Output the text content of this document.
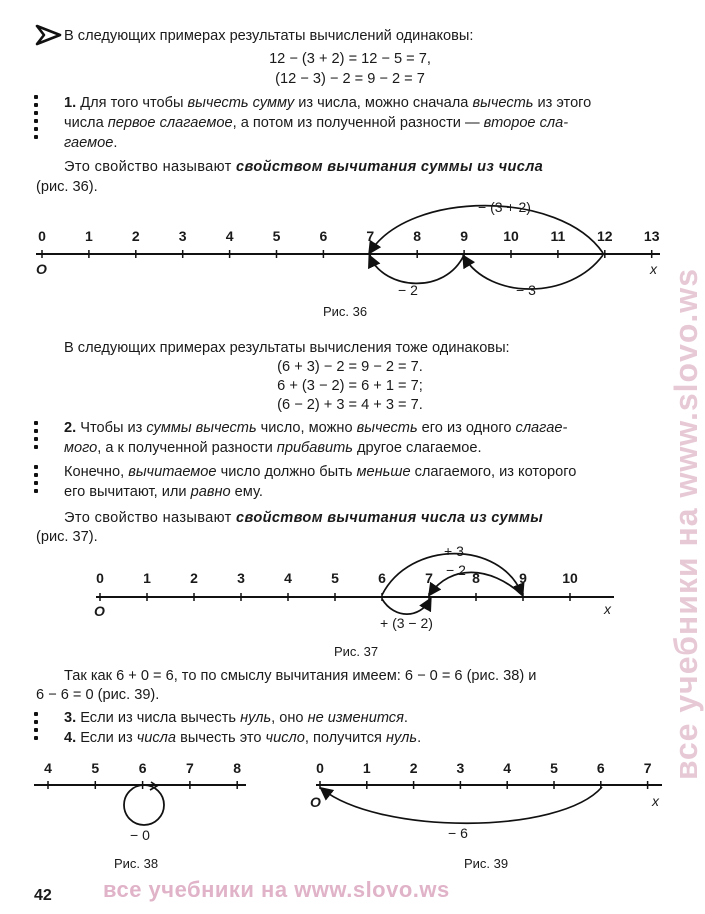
В следующих примерах результаты вычислений одинаковы:
12 − (3 + 2) = 12 − 5 = 7,
(12 − 3) − 2 = 9 − 2 = 7
1. Для того чтобы вычесть сумму из числа, можно сначала вычесть из этого
числа первое слагаемое, а потом из полученной разности — второе сла-
гаемое.
Это свойство называют свойством вычитания суммы из числа
(рис. 36).
0	1	2	3	4	5	6	7	8	9	10 11 12 13
O	x
− (3 + 2)
− 2	− 3
Рис. 36
В следующих примерах результаты вычисления тоже одинаковы:
(6 + 3) − 2 = 9 − 2 = 7.
6 + (3 − 2) = 6 + 1 = 7;
(6 − 2) + 3 = 4 + 3 = 7.
2. Чтобы из суммы вычесть число, можно вычесть его из одного слагае-
мого, а к полученной разности прибавить другое слагаемое.
Конечно, вычитаемое число должно быть меньше слагаемого, из которого
его вычитают, или равно ему.
Это свойство называют свойством вычитания числа из суммы
(рис. 37).
0	1	2	3	4	5	6	7	8	9	10
O	x
+ 3
− 2
+ (3 − 2)
Рис. 37
Так как 6 + 0 = 6, то по смыслу вычитания имеем: 6 − 0 = 6 (рис. 38) и
6 − 6 = 0 (рис. 39).
3. Если из числа вычесть нуль, оно не изменится.
4. Если из числа вычесть это число, получится нуль.
4	5	6	7	8
− 0
Рис. 38
0	1	2	3	4	5	6	7
O	x
− 6
Рис. 39
42 все учебники на www.slovo.ws
все учебники на www.slovo.ws
